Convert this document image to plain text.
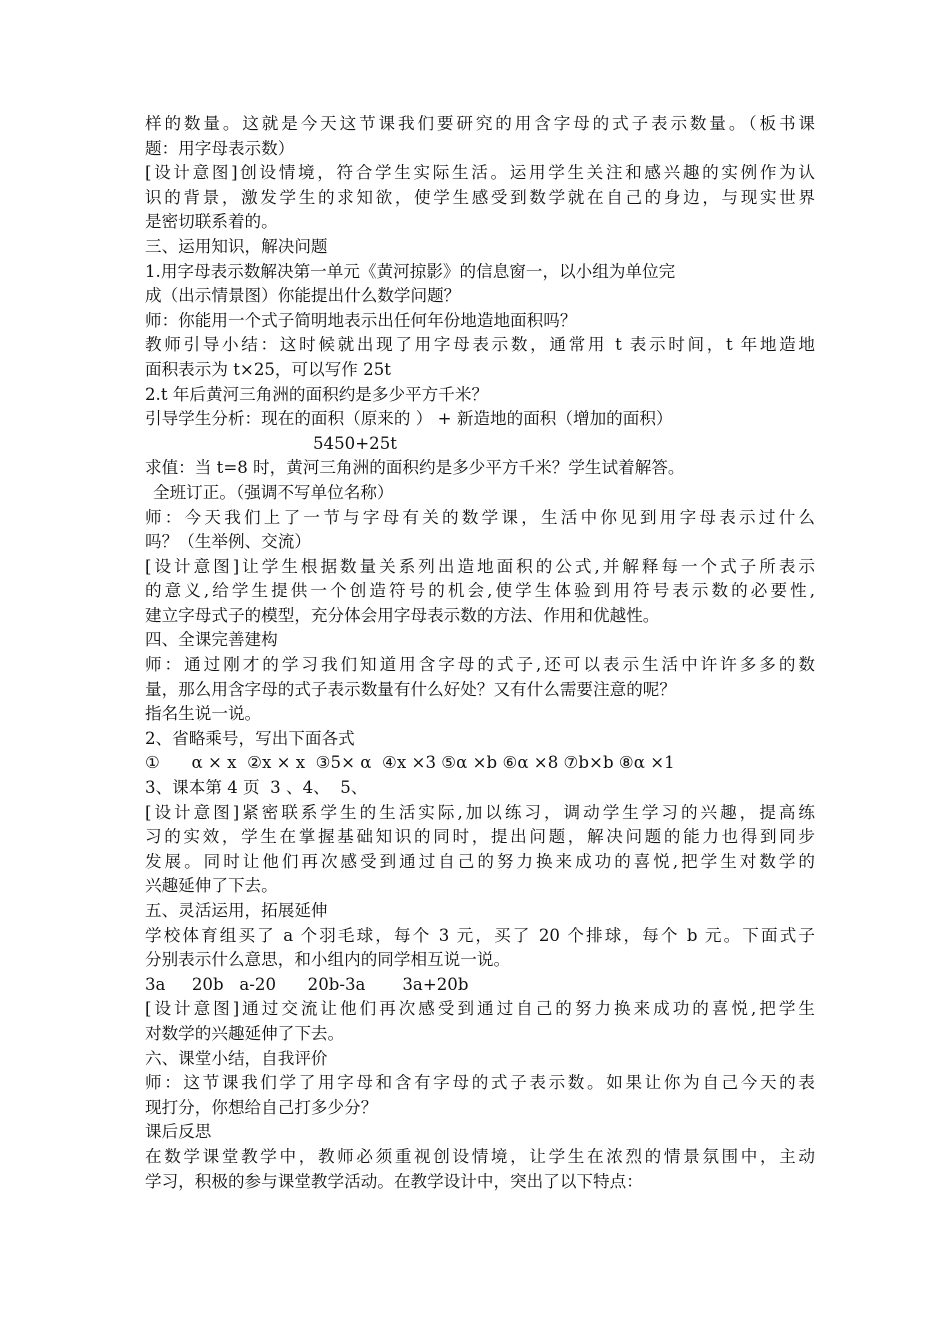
样的数量。这就是今天这节课我们要研究的用含字母的式子表示数量。（板书课
题：用字母表示数）
[设计意图]创设情境，符合学生实际生活。运用学生关注和感兴趣的实例作为认
识的背景，激发学生的求知欲，使学生感受到数学就在自己的身边，与现实世界
是密切联系着的。
三、运用知识，解决问题
1.用字母表示数解决第一单元《黄河掠影》的信息窗一，以小组为单位完
成（出示情景图）你能提出什么数学问题？
师：你能用一个式子简明地表示出任何年份地造地面积吗？
教师引导小结：这时候就出现了用字母表示数，通常用 t 表示时间，t 年地造地
面积表示为 t×25，可以写作 25t
2.t 年后黄河三角洲的面积约是多少平方千米？
引导学生分析：现在的面积（原来的 ） + 新造地的面积（增加的面积）
5450+25t
求值：当 t=8 时，黄河三角洲的面积约是多少平方千米？学生试着解答。
全班订正。（强调不写单位名称）
师：今天我们上了一节与字母有关的数学课，生活中你见到用字母表示过什么
吗？（生举例、交流）
[设计意图]让学生根据数量关系列出造地面积的公式,并解释每一个式子所表示
的意义,给学生提供一个创造符号的机会,使学生体验到用符号表示数的必要性,
建立字母式子的模型，充分体会用字母表示数的方法、作用和优越性。
四、全课完善建构
师：通过刚才的学习我们知道用含字母的式子,还可以表示生活中许许多多的数
量，那么用含字母的式子表示数量有什么好处？又有什么需要注意的呢？
指名生说一说。
2、省略乘号，写出下面各式
①      α × x  ②x × x  ③5× α  ④x ×3 ⑤α ×b ⑥α ×8 ⑦b×b ⑧α ×1
3、课本第 4 页  3 、4、  5、
[设计意图]紧密联系学生的生活实际,加以练习，调动学生学习的兴趣，提高练
习的实效，学生在掌握基础知识的同时，提出问题，解决问题的能力也得到同步
发展。同时让他们再次感受到通过自己的努力换来成功的喜悦,把学生对数学的
兴趣延伸了下去。
五、灵活运用，拓展延伸
学校体育组买了 a 个羽毛球，每个 3 元，买了 20 个排球，每个 b 元。下面式子
分别表示什么意思，和小组内的同学相互说一说。
3a     20b   a-20      20b-3a       3a+20b
[设计意图]通过交流让他们再次感受到通过自己的努力换来成功的喜悦,把学生
对数学的兴趣延伸了下去。
六、课堂小结，自我评价
师：这节课我们学了用字母和含有字母的式子表示数。如果让你为自己今天的表
现打分，你想给自己打多少分？
课后反思
在数学课堂教学中，教师必须重视创设情境，让学生在浓烈的情景氛围中，主动
学习，积极的参与课堂教学活动。在教学设计中，突出了以下特点：
